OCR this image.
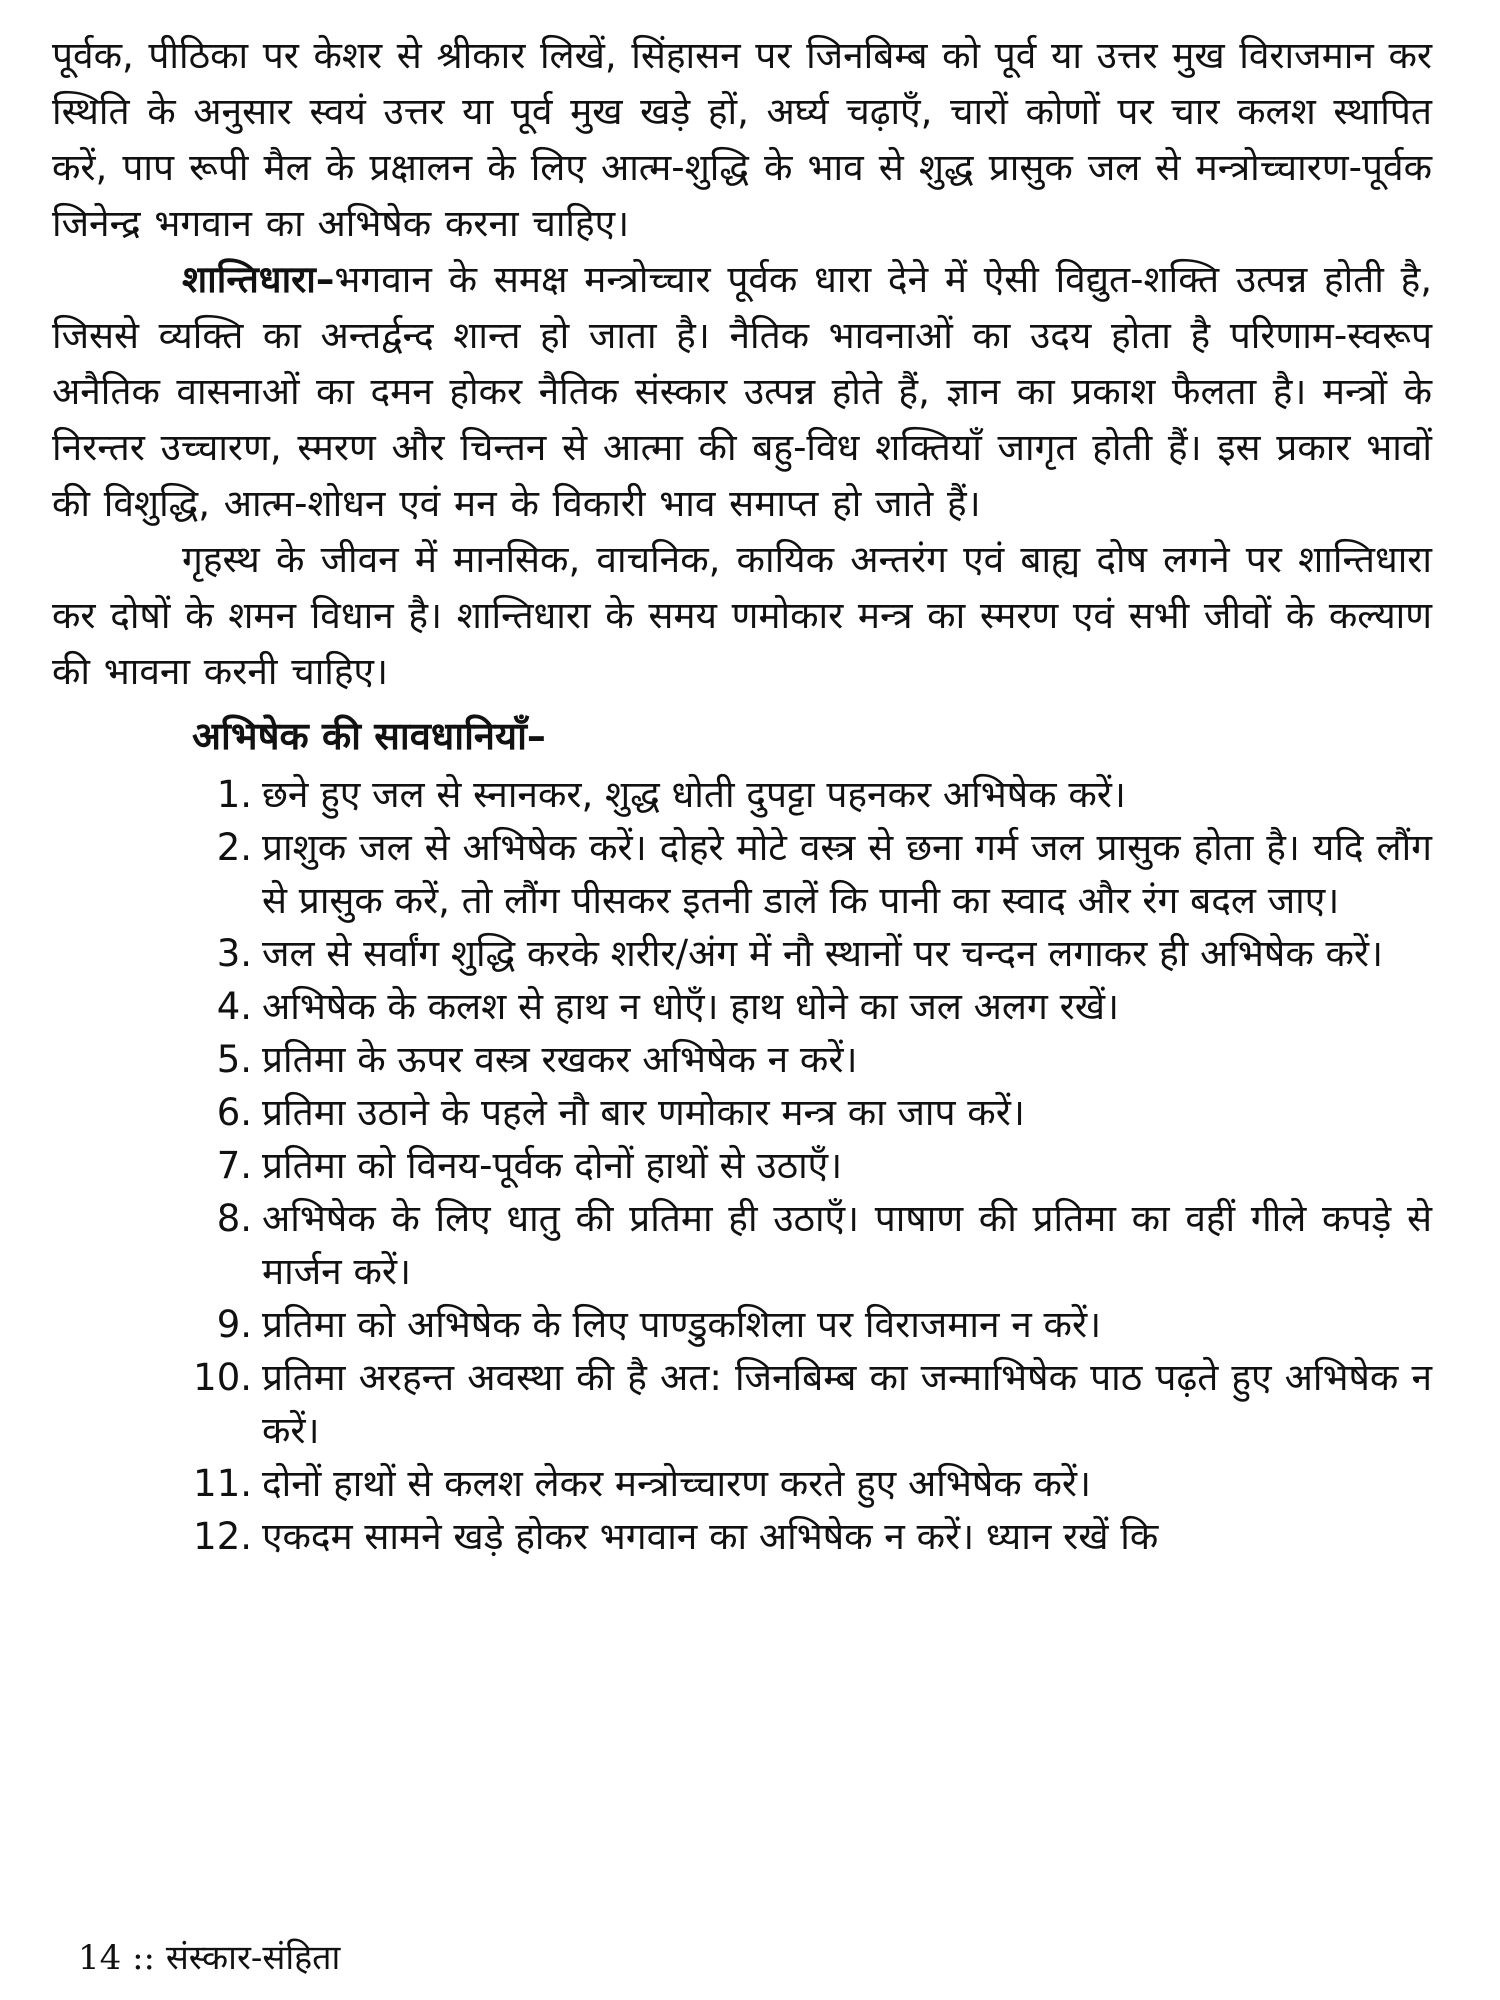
पूर्वक, पीठिका पर केशर से श्रीकार लिखें, सिंहासन पर जिनबिम्ब को पूर्व या उत्तर मुख विराजमान कर स्थिति के अनुसार स्वयं उत्तर या पूर्व मुख खड़े हों, अर्घ्य चढ़ाएँ, चारों कोणों पर चार कलश स्थापित करें, पाप रूपी मैल के प्रक्षालन के लिए आत्म-शुद्धि के भाव से शुद्ध प्रासुक जल से मन्त्रोच्चारण-पूर्वक जिनेन्द्र भगवान का अभिषेक करना चाहिए।

शान्तिधारा–भगवान के समक्ष मन्त्रोच्चार पूर्वक धारा देने में ऐसी विद्युत-शक्ति उत्पन्न होती है, जिससे व्यक्ति का अन्तर्द्वन्द शान्त हो जाता है। नैतिक भावनाओं का उदय होता है परिणाम-स्वरूप अनैतिक वासनाओं का दमन होकर नैतिक संस्कार उत्पन्न होते हैं, ज्ञान का प्रकाश फैलता है। मन्त्रों के निरन्तर उच्चारण, स्मरण और चिन्तन से आत्मा की बहु-विध शक्तियाँ जागृत होती हैं। इस प्रकार भावों की विशुद्धि, आत्म-शोधन एवं मन के विकारी भाव समाप्त हो जाते हैं।

गृहस्थ के जीवन में मानसिक, वाचनिक, कायिक अन्तरंग एवं बाह्य दोष लगने पर शान्तिधारा कर दोषों के शमन विधान है। शान्तिधारा के समय णमोकार मन्त्र का स्मरण एवं सभी जीवों के कल्याण की भावना करनी चाहिए।

अभिषेक की सावधानियाँ–
1. छने हुए जल से स्नानकर, शुद्ध धोती दुपट्टा पहनकर अभिषेक करें।
2. प्राशुक जल से अभिषेक करें। दोहरे मोटे वस्त्र से छना गर्म जल प्रासुक होता है। यदि लौंग से प्रासुक करें, तो लौंग पीसकर इतनी डालें कि पानी का स्वाद और रंग बदल जाए।
3. जल से सर्वांग शुद्धि करके शरीर/अंग में नौ स्थानों पर चन्दन लगाकर ही अभिषेक करें।
4. अभिषेक के कलश से हाथ न धोएँ। हाथ धोने का जल अलग रखें।
5. प्रतिमा के ऊपर वस्त्र रखकर अभिषेक न करें।
6. प्रतिमा उठाने के पहले नौ बार णमोकार मन्त्र का जाप करें।
7. प्रतिमा को विनय-पूर्वक दोनों हाथों से उठाएँ।
8. अभिषेक के लिए धातु की प्रतिमा ही उठाएँ। पाषाण की प्रतिमा का वहीं गीले कपड़े से मार्जन करें।
9. प्रतिमा को अभिषेक के लिए पाण्डुकशिला पर विराजमान न करें।
10. प्रतिमा अरहन्त अवस्था की है अत: जिनबिम्ब का जन्माभिषेक पाठ पढ़ते हुए अभिषेक न करें।
11. दोनों हाथों से कलश लेकर मन्त्रोच्चारण करते हुए अभिषेक करें।
12. एकदम सामने खड़े होकर भगवान का अभिषेक न करें। ध्यान रखें कि
14 :: संस्कार-संहिता
